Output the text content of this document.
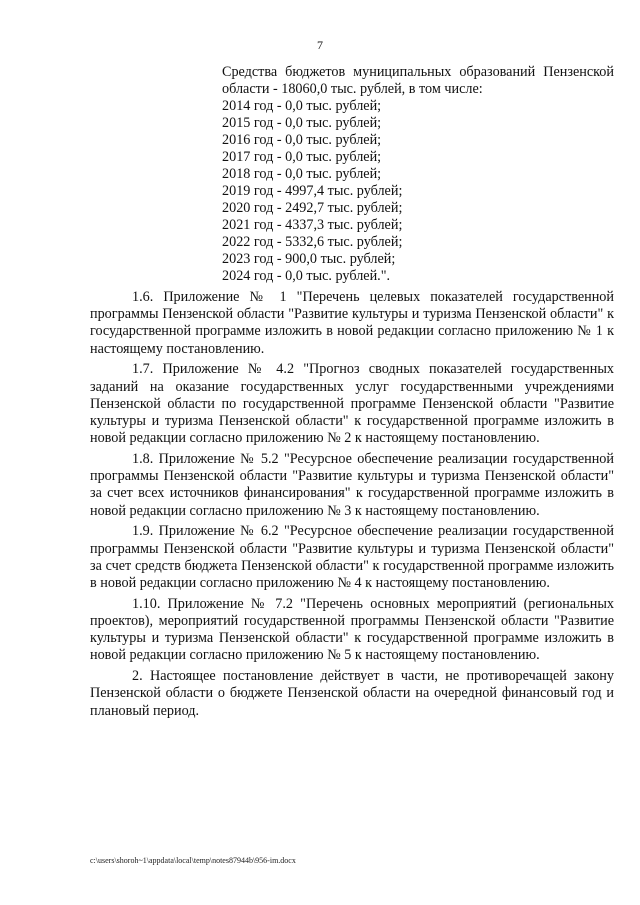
7

Средства бюджетов муниципальных образований Пензенской области - 18060,0 тыс. рублей, в том числе:

2014 год - 0,0 тыс. рублей;

2015 год - 0,0 тыс. рублей;

2016 год - 0,0 тыс. рублей;

2017 год - 0,0 тыс. рублей;

2018 год - 0,0 тыс. рублей;

2019 год - 4997,4 тыс. рублей;

2020 год - 2492,7 тыс. рублей;

2021 год - 4337,3 тыс. рублей;

2022 год - 5332,6 тыс. рублей;

2023 год - 900,0 тыс. рублей;

2024 год - 0,0 тыс. рублей.".

1.6. Приложение № 1 "Перечень целевых показателей государственной программы Пензенской области "Развитие культуры и туризма Пензенской области" к государственной программе изложить в новой редакции согласно приложению № 1 к настоящему постановлению.

1.7. Приложение № 4.2 "Прогноз сводных показателей государственных заданий на оказание государственных услуг государственными учреждениями Пензенской области по государственной программе Пензенской области "Развитие культуры и туризма Пензенской области" к государственной программе изложить в новой редакции согласно приложению № 2 к настоящему постановлению.

1.8. Приложение № 5.2 "Ресурсное обеспечение реализации государственной программы Пензенской области "Развитие культуры и туризма Пензенской области" за счет всех источников финансирования" к государственной программе изложить в новой редакции согласно приложению № 3 к настоящему постановлению.

1.9. Приложение № 6.2 "Ресурсное обеспечение реализации государственной программы Пензенской области "Развитие культуры и туризма Пензенской области" за счет средств бюджета Пензенской области" к государственной программе изложить в новой редакции согласно приложению № 4 к настоящему постановлению.

1.10. Приложение № 7.2 "Перечень основных мероприятий (региональных проектов), мероприятий государственной программы Пензенской области "Развитие культуры и туризма Пензенской области" к государственной программе изложить в новой редакции согласно приложению № 5 к настоящему постановлению.

2. Настоящее постановление действует в части, не противоречащей закону Пензенской области о бюджете Пензенской области на очередной финансовый год и плановый период.

c:\users\shoroh~1\appdata\local\temp\notes87944b\956-im.docx
